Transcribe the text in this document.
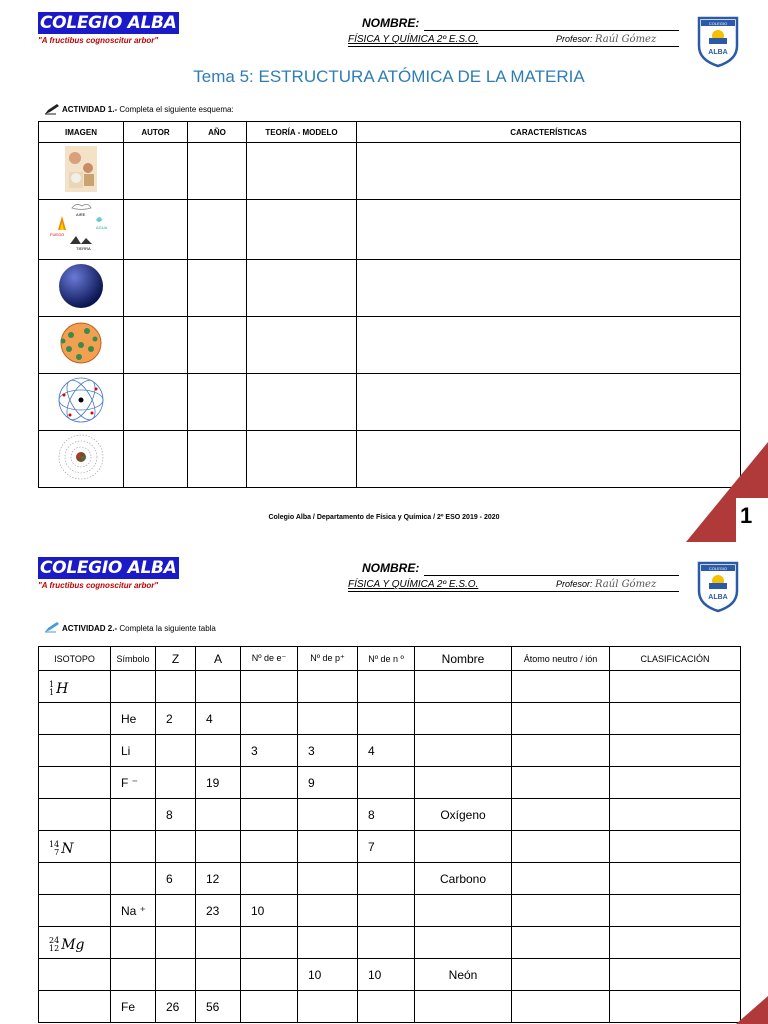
COLEGIO ALBA
"A fructibus cognoscitur arbor"
NOMBRE:
FÍSICA Y QUÍMICA 2º E.S.O.	Profesor: Raúl Gómez
COLEGIO
ALBA
Tema 5: ESTRUCTURA ATÓMICA DE LA MATERIA
ACTIVIDAD 1.- Completa el siguiente esquema:
IMAGEN	AUTOR	AÑO	TEORÍA - MODELO	CARACTERÍSTICAS

AIRE
FUEGO
AGUA
TIERRA				

Colegio Alba / Departamento de Física y Química / 2º ESO 2019 - 2020	1
COLEGIO ALBA
"A fructibus cognoscitur arbor"
NOMBRE:
FÍSICA Y QUÍMICA 2º E.S.O.	Profesor: Raúl Gómez
COLEGIO
ALBA
ACTIVIDAD 2.- Completa la siguiente tabla
ISOTOPO	Símbolo	Z	A	Nº de e⁻	Nº de p⁺	Nº de n º	Nombre	Átomo neutro / ión	CLASIFICACIÓN

1
1 H									

	He	2	4						
	Li			3	3	4			
	F ⁻		19		9				
		8				8	Oxígeno		

14
7 N						7			
		6	12				Carbono		
	Na ⁺		23	10					

24
12 Mg									

					10	10	Neón		
	Fe	26	56						
